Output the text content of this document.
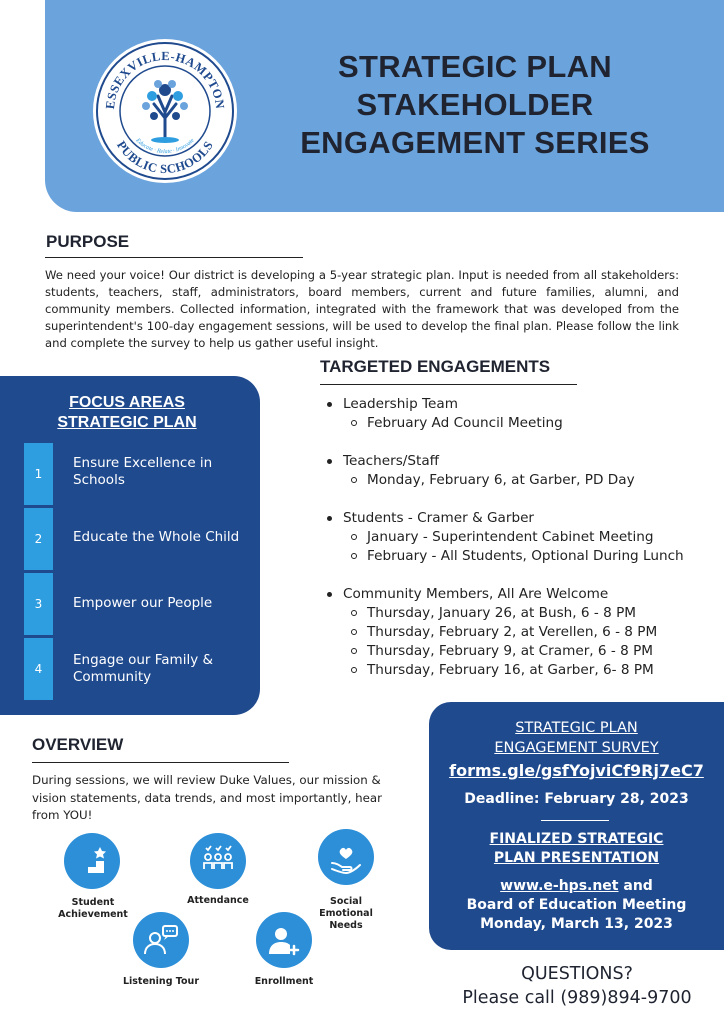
ESSEXVILLE-HAMPTON
PUBLIC SCHOOLS
Educate · Relate · Innovate
STRATEGIC PLAN
STAKEHOLDER
ENGAGEMENT SERIES
PURPOSE
We need your voice! Our district is developing a 5-year strategic plan. Input is needed from all stakeholders: students, teachers, staff, administrators, board members, current and future families, alumni, and community members. Collected information, integrated with the framework that was developed from the superintendent's 100-day engagement sessions, will be used to develop the final plan. Please follow the link and complete the survey to help us gather useful insight.
TARGETED ENGAGEMENTS
Leadership Team
February Ad Council Meeting
Teachers/Staff
Monday, February 6, at Garber, PD Day
Students - Cramer & Garber
January - Superintendent Cabinet Meeting
February - All Students, Optional During Lunch
Community Members, All Are Welcome
Thursday, January 26, at Bush, 6 - 8 PM
Thursday, February 2, at Verellen, 6 - 8 PM
Thursday, February 9, at Cramer, 6 - 8 PM
Thursday, February 16, at Garber, 6- 8 PM
FOCUS AREAS
STRATEGIC PLAN
1
Ensure Excellence in Schools
2	Educate the Whole Child
3	Empower our People
4
Engage our Family & Community
OVERVIEW
During sessions, we will review Duke Values, our mission & vision statements, data trends, and most importantly, hear from YOU!
Student Achievement
Attendance	Social Emotional Needs
Listening Tour	Enrollment
STRATEGIC PLAN
ENGAGEMENT SURVEY
forms.gle/gsfYojviCf9Rj7eC7
Deadline: February 28, 2023
FINALIZED STRATEGIC
PLAN PRESENTATION
www.e-hps.net and
Board of Education Meeting
Monday, March 13, 2023
QUESTIONS?
Please call (989)894-9700
